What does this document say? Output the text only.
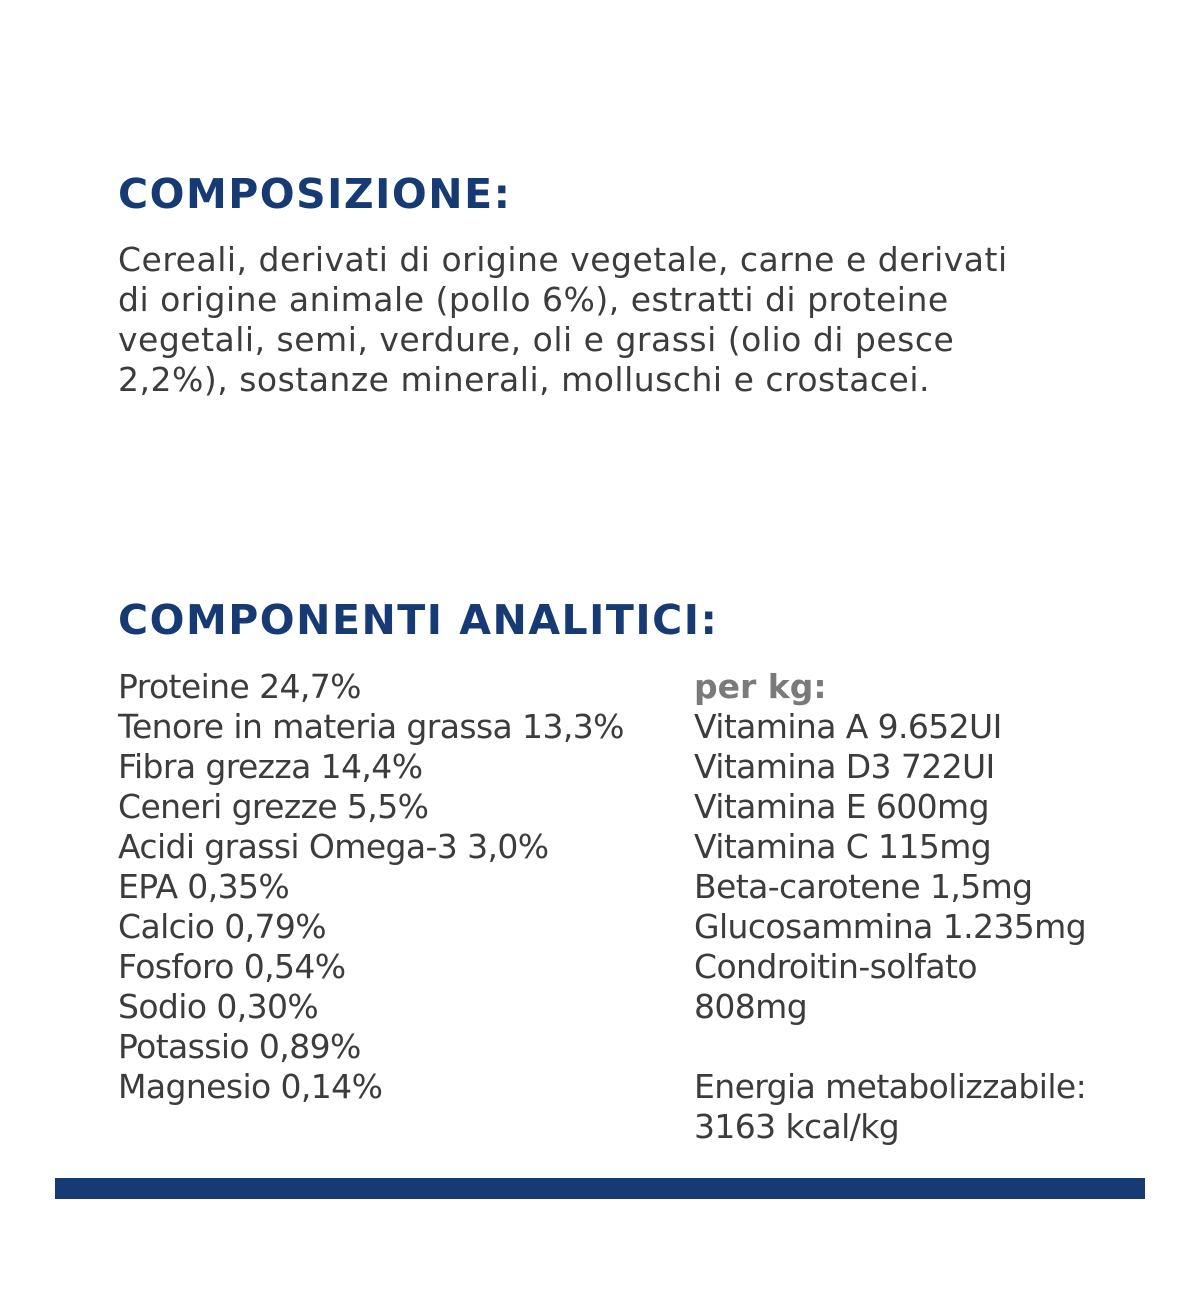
COMPOSIZIONE:

Cereali, derivati di origine vegetale, carne e derivati
di origine animale (pollo 6%), estratti di proteine
vegetali, semi, verdure, oli e grassi (olio di pesce
2,2%), sostanze minerali, molluschi e crostacei.

COMPONENTI ANALITICI:
Proteine 24,7%
Tenore in materia grassa 13,3%
Fibra grezza 14,4%
Ceneri grezze 5,5%
Acidi grassi Omega-3 3,0%
EPA 0,35%
Calcio 0,79%
Fosforo 0,54%
Sodio 0,30%
Potassio 0,89%
Magnesio 0,14%
per kg:
Vitamina A 9.652UI
Vitamina D3 722UI
Vitamina E 600mg
Vitamina C 115mg
Beta-carotene 1,5mg
Glucosammina 1.235mg
Condroitin-solfato
808mg
Energia metabolizzabile:
3163 kcal/kg
